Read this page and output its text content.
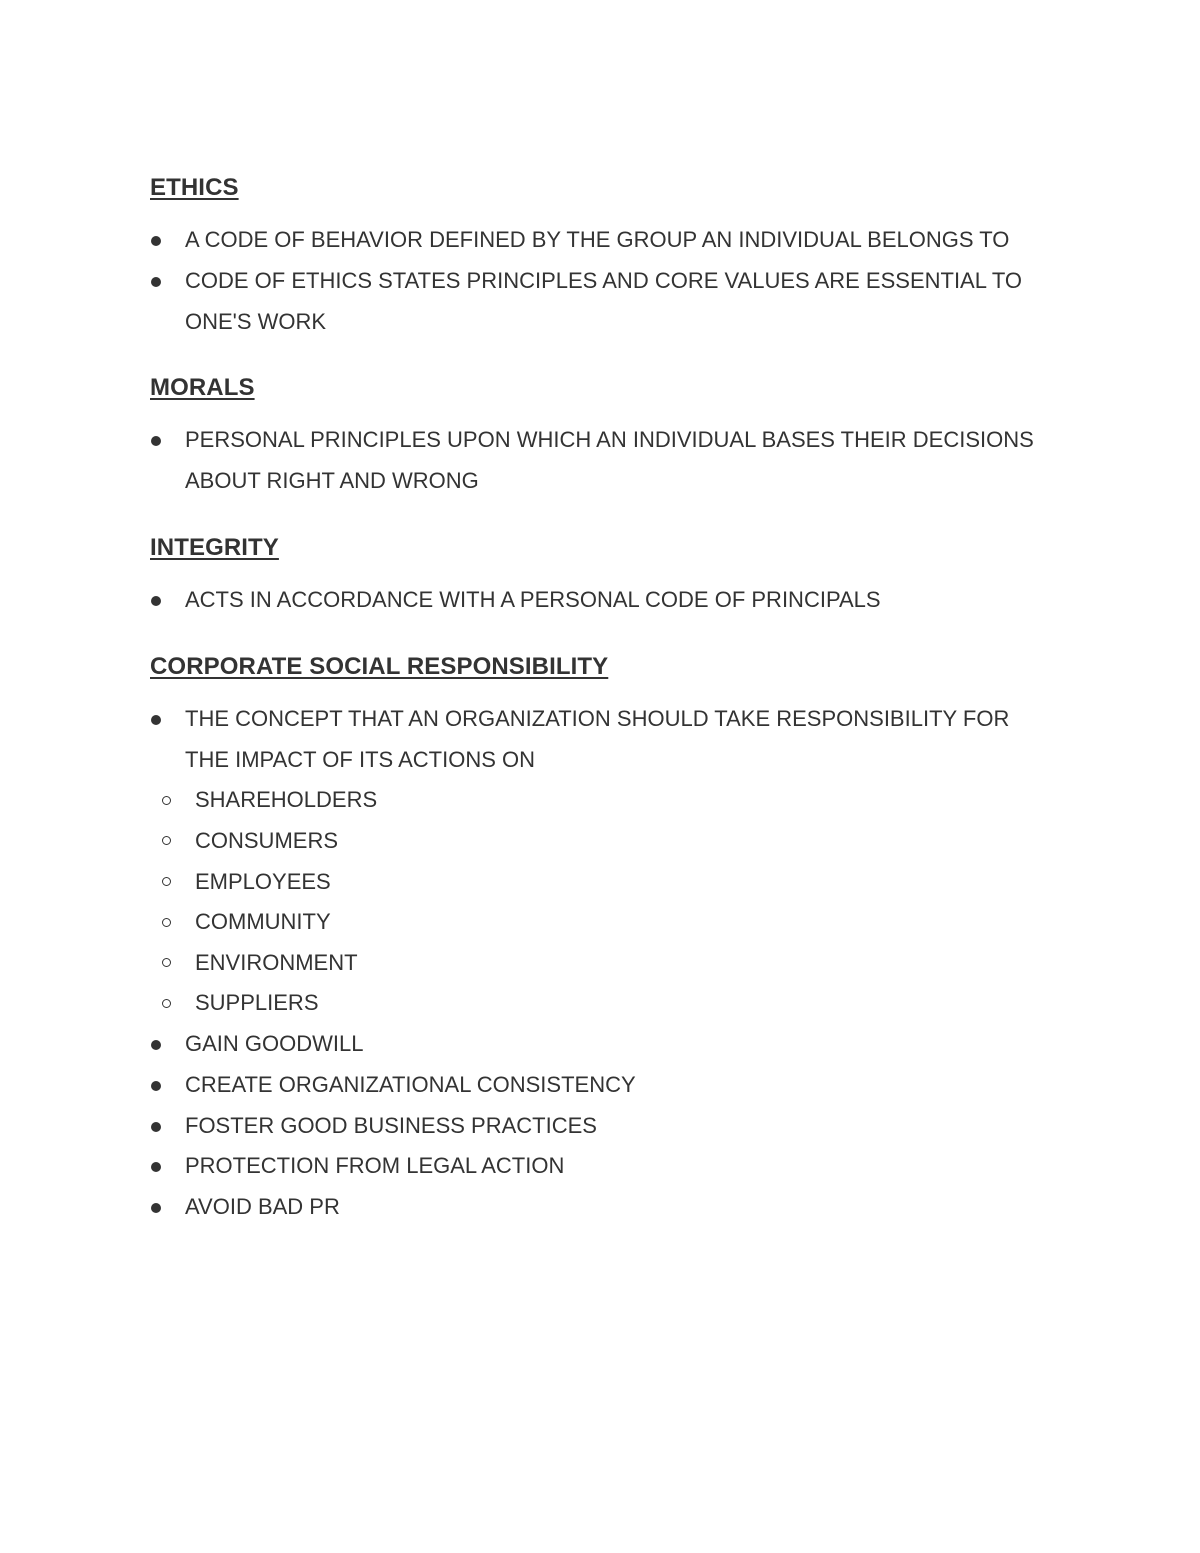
ETHICS
A CODE OF BEHAVIOR DEFINED BY THE GROUP AN INDIVIDUAL BELONGS TO
CODE OF ETHICS STATES PRINCIPLES AND CORE VALUES ARE ESSENTIAL TO ONE'S WORK
MORALS
PERSONAL PRINCIPLES UPON WHICH AN INDIVIDUAL BASES THEIR DECISIONS ABOUT RIGHT AND WRONG
INTEGRITY
ACTS IN ACCORDANCE WITH A PERSONAL CODE OF PRINCIPALS
CORPORATE SOCIAL RESPONSIBILITY
THE CONCEPT THAT AN ORGANIZATION SHOULD TAKE RESPONSIBILITY FOR THE IMPACT OF ITS ACTIONS ON
SHAREHOLDERS
CONSUMERS
EMPLOYEES
COMMUNITY
ENVIRONMENT
SUPPLIERS
GAIN GOODWILL
CREATE ORGANIZATIONAL CONSISTENCY
FOSTER GOOD BUSINESS PRACTICES
PROTECTION FROM LEGAL ACTION
AVOID BAD PR
